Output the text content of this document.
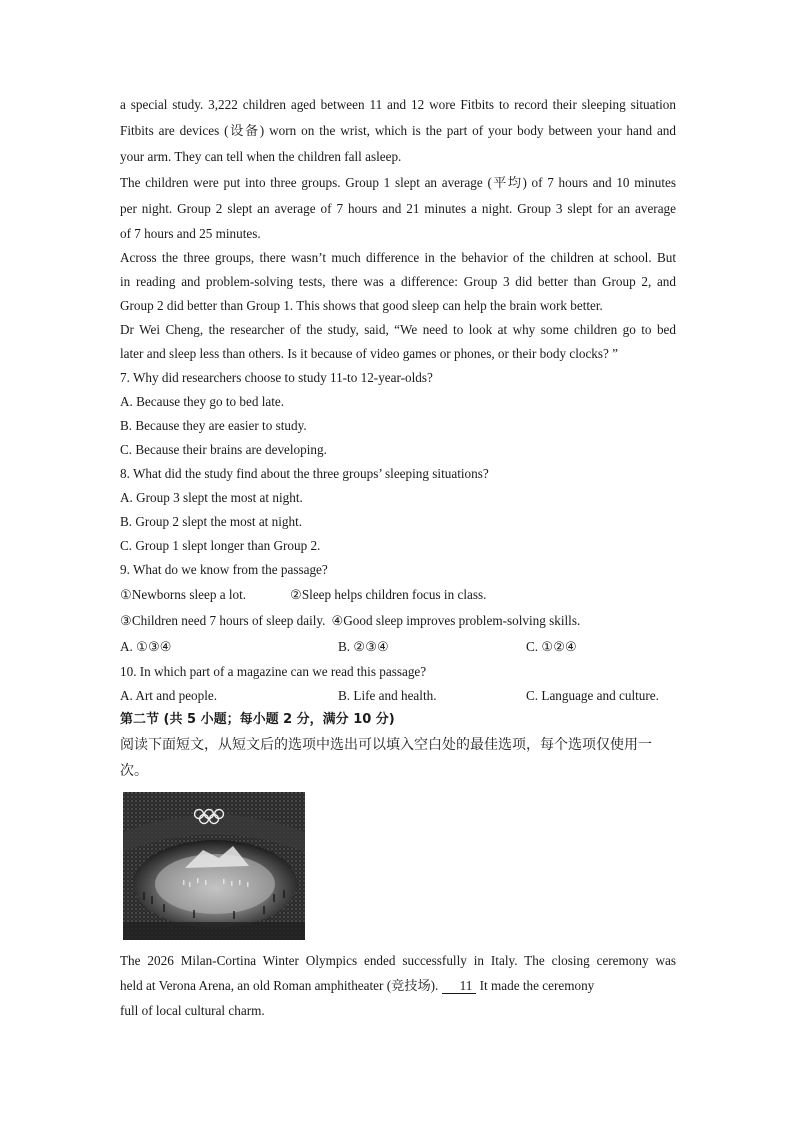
a special study. 3,222 children aged between 11 and 12 wore Fitbits to record their sleeping situation
Fitbits are devices (设备) worn on the wrist, which is the part of your body between your hand and
your arm. They can tell when the children fall asleep.
The children were put into three groups. Group 1 slept an average (平均) of 7 hours and 10 minutes
per night. Group 2 slept an average of 7 hours and 21 minutes a night. Group 3 slept for an average
of 7 hours and 25 minutes.
Across the three groups, there wasn’t much difference in the behavior of the children at school. But
in reading and problem-solving tests, there was a difference: Group 3 did better than Group 2, and
Group 2 did better than Group 1. This shows that good sleep can help the brain work better.
Dr Wei Cheng, the researcher of the study, said, “We need to look at why some children go to bed
later and sleep less than others. Is it because of video games or phones, or their body clocks? ”
7. Why did researchers choose to study 11-to 12-year-olds?
A. Because they go to bed late.
B. Because they are easier to study.
C. Because their brains are developing.
8. What did the study find about the three groups’ sleeping situations?
A. Group 3 slept the most at night.
B. Group 2 slept the most at night.
C. Group 1 slept longer than Group 2.
9. What do we know from the passage?
①Newborns sleep a lot.	②Sleep helps children focus in class.
③Children need 7 hours of sleep daily. ④Good sleep improves problem-solving skills.
A. ①③④	B. ②③④	C. ①②④
10. In which part of a magazine can we read this passage?
A. Art and people.	B. Life and health.	C. Language and culture.
第二节 (共 5 小题；每小题 2 分，满分 10 分)
阅读下面短文，从短文后的选项中选出可以填入空白处的最佳选项，每个选项仅使用一
次。
The 2026 Milan-Cortina Winter Olympics ended successfully in Italy. The closing ceremony was
held at Verona Arena, an old Roman amphitheater (竞技场). 11 It made the ceremony
full of local cultural charm.
